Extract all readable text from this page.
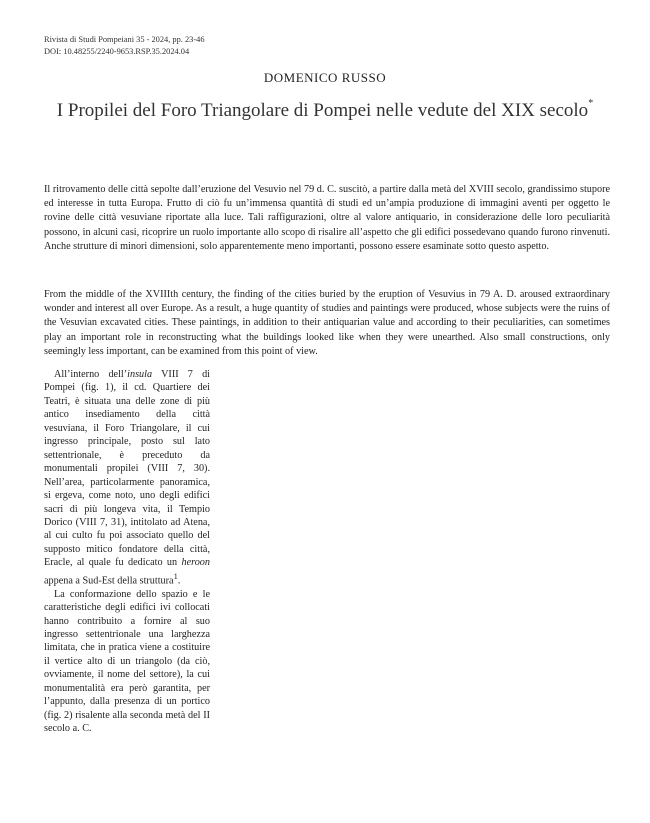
Rivista di Studi Pompeiani 35 - 2024, pp. 23-46
DOI: 10.48255/2240-9653.RSP.35.2024.04
DOMENICO RUSSO
I Propilei del Foro Triangolare di Pompei nelle vedute del XIX secolo*
Il ritrovamento delle città sepolte dall’eruzione del Vesuvio nel 79 d. C. suscitò, a partire dalla metà del XVIII secolo, grandissimo stupore ed interesse in tutta Europa. Frutto di ciò fu un’immensa quantità di studi ed un’ampia produzione di immagini aventi per oggetto le rovine delle città vesuviane riportate alla luce. Tali raffigurazioni, oltre al valore antiquario, in considerazione delle loro peculiarità possono, in alcuni casi, ricoprire un ruolo importante allo scopo di risalire all’aspetto che gli edifici possedevano quando furono rinvenuti. Anche strutture di minori dimensioni, solo apparentemente meno importanti, possono essere esaminate sotto questo aspetto.
From the middle of the XVIIIth century, the finding of the cities buried by the eruption of Vesuvius in 79 A. D. aroused extraordinary wonder and interest all over Europe. As a result, a huge quantity of studies and paintings were produced, whose subjects were the ruins of the Vesuvian excavated cities. These paintings, in addition to their antiquarian value and according to their peculiarities, can sometimes play an important role in reconstructing what the buildings looked like when they were unearthed. Also small constructions, only seemingly less important, can be examined from this point of view.

All’interno dell’insula VIII 7 di Pompei (fig. 1), il cd. Quartiere dei Teatri, è situata una delle zone di più antico insediamento della città vesuviana, il Foro Triangolare, il cui ingresso principale, posto sul lato settentrionale, è preceduto da monumentali propilei (VIII 7, 30). Nell’area, particolarmente panoramica, si ergeva, come noto, uno degli edifici sacri di più longeva vita, il Tempio Dorico (VIII 7, 31), intitolato ad Atena, al cui culto fu poi associato quello del supposto mitico fondatore della città, Eracle, al quale fu dedicato un heroon appena a Sud-Est della struttura$^1$.

La conformazione dello spazio e le caratteristiche degli edifici ivi collocati hanno contribuito a fornire al suo ingresso settentrionale una larghezza limitata, che in pratica viene a costituire il vertice alto di un triangolo (da ciò, ovviamente, il nome del settore), la cui monumentalità era però garantita, per l’appunto, dalla presenza di un portico (fig. 2) risalente alla seconda metà del II secolo a. C.
